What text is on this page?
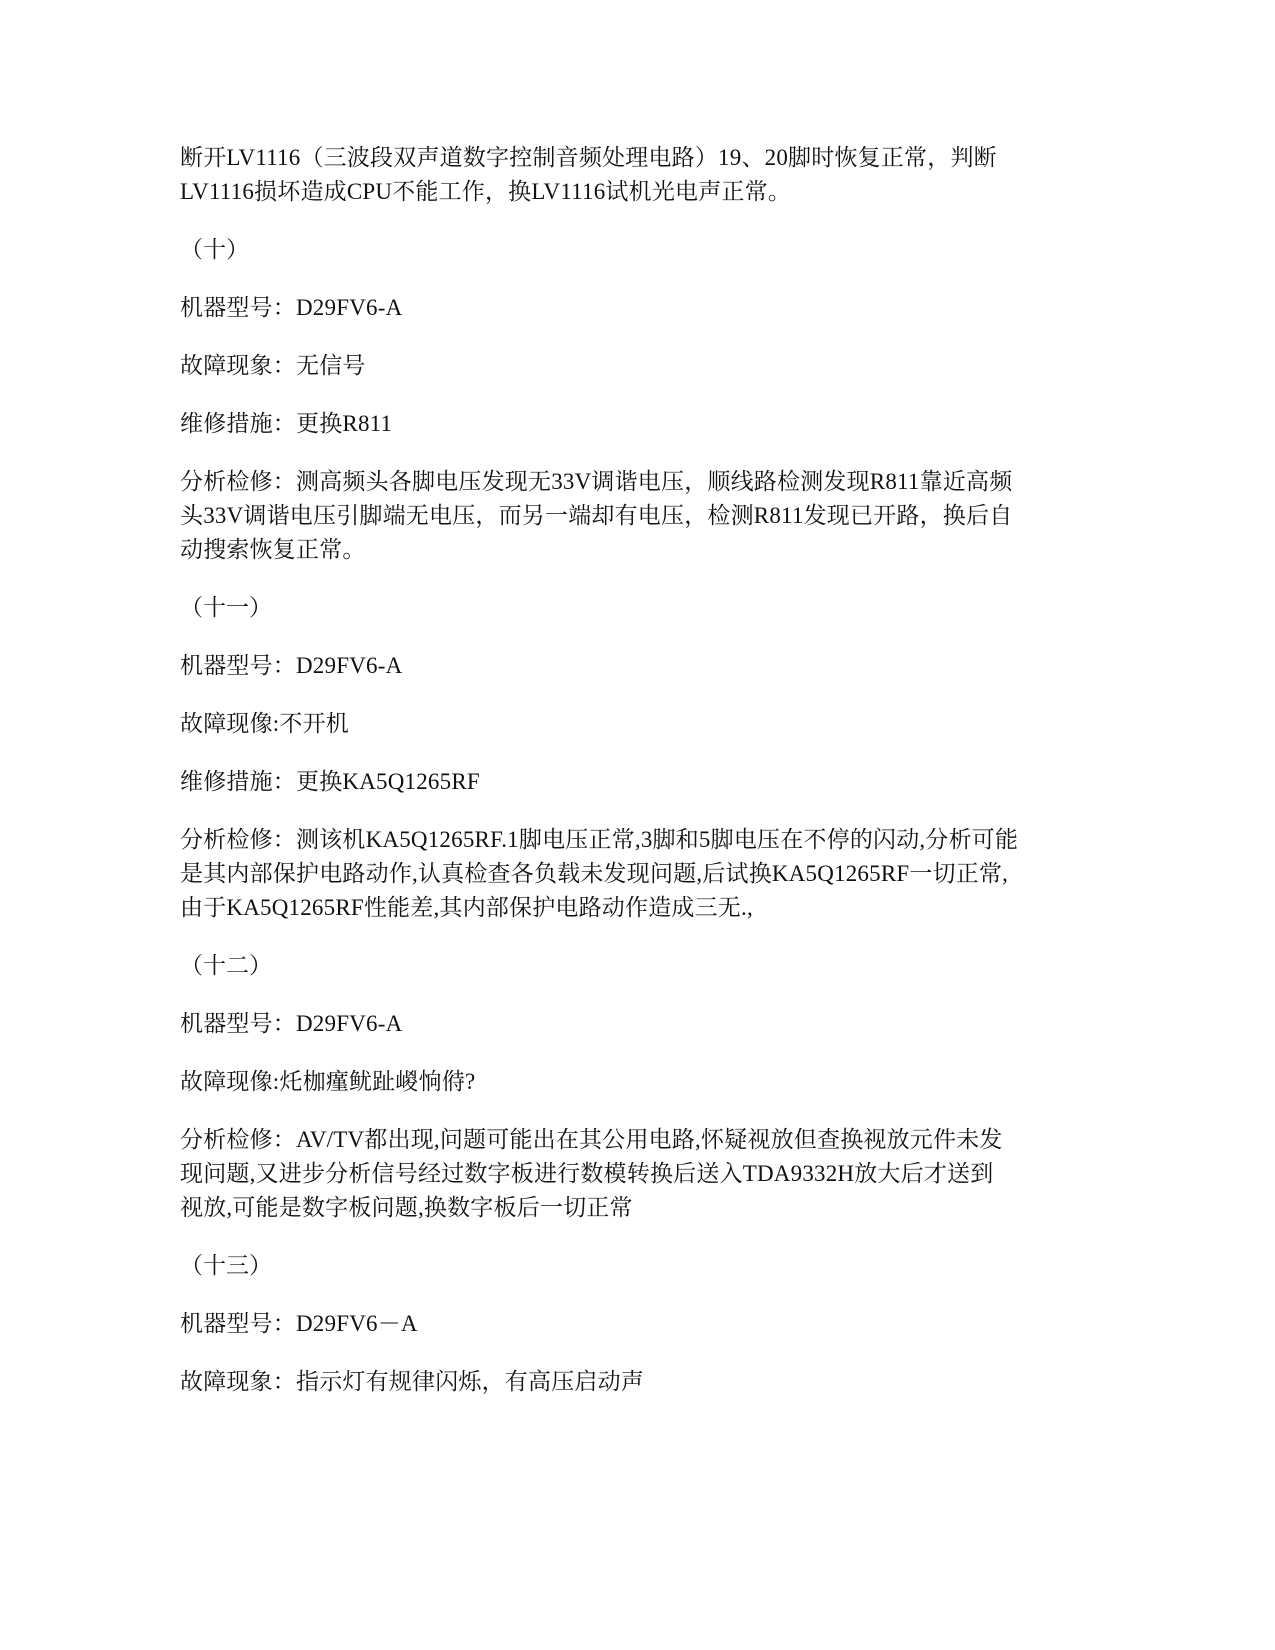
断开LV1116（三波段双声道数字控制音频处理电路）19、20脚时恢复正常，判断
LV1116损坏造成CPU不能工作，换LV1116试机光电声正常。

（十）

机器型号：D29FV6-A

故障现象：无信号

维修措施：更换R811

分析检修：测高频头各脚电压发现无33V调谐电压，顺线路检测发现R811靠近高频
头33V调谐电压引脚端无电压，而另一端却有电压，检测R811发现已开路，换后自
动搜索恢复正常。

（十一）

机器型号：D29FV6-A

故障现像:不开机

维修措施：更换KA5Q1265RF

分析检修：测该机KA5Q1265RF.1脚电压正常,3脚和5脚电压在不停的闪动,分析可能
是其内部保护电路动作,认真检查各负载未发现问题,后试换KA5Q1265RF一切正常,
由于KA5Q1265RF性能差,其内部保护电路动作造成三无.,

（十二）

机器型号：D29FV6-A

故障现像:灹枷瘽鱿趾嵕恦偫?

分析检修：AV/TV都出现,问题可能出在其公用电路,怀疑视放但查换视放元件未发
现问题,又进步分析信号经过数字板进行数模转换后送入TDA9332H放大后才送到
视放,可能是数字板问题,换数字板后一切正常

（十三）

机器型号：D29FV6－A

故障现象：指示灯有规律闪烁，有高压启动声
